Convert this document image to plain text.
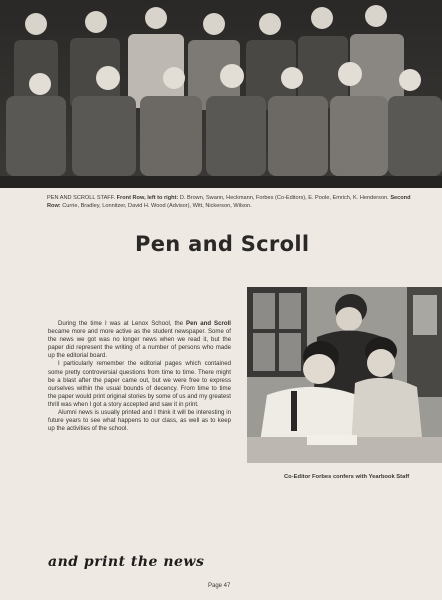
PEN AND SCROLL STAFF. Front Row, left to right: D. Brown, Swann, Heckmann, Forbes (Co-Editors), E. Poole, Emrich, K. Henderson. Second Row: Currie, Bradley, Lonnitzer, David H. Wood (Advisor), Witt, Nickerson, Wilson.
Pen and Scroll

During the time I was at Lenox School, the Pen and Scroll became more and more active as the student newspaper. Some of the news we got was no longer news when we read it, but the paper did represent the writing of a number of persons who made up the editorial board.

I particularly remember the editorial pages which contained some pretty controversial questions from time to time. There might be a blast after the paper came out, but we were free to express ourselves within the usual bounds of decency. From time to time the paper would print original stories by some of us and my greatest thrill was when I got a story accepted and saw it in print.

Alumni news is usually printed and I think it will be interesting in future years to see what happens to our class, as well as to keep up the activities of the school.

Co-Editor Forbes confers with Yearbook Staff
and print the news
Page 47
